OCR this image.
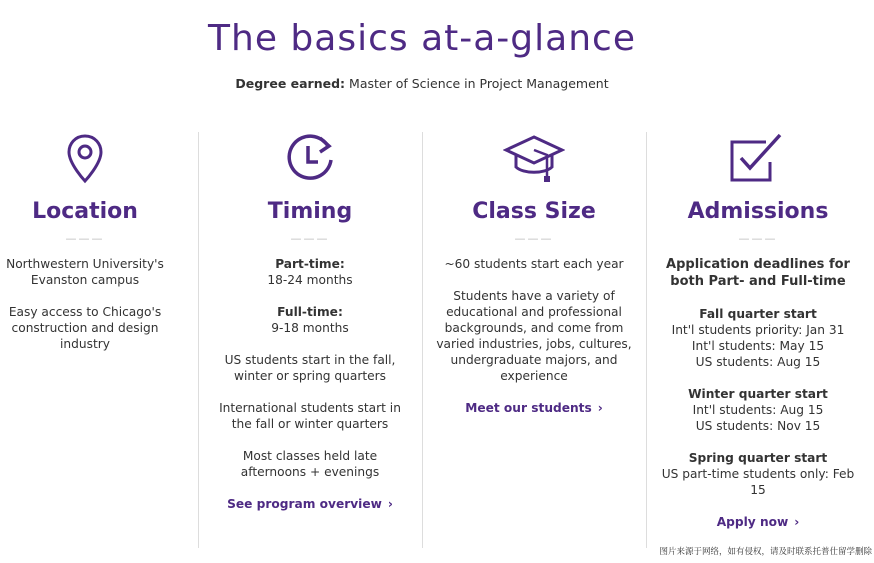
The basics at-a-glance
Degree earned: Master of Science in Project Management
Location
———

Northwestern University's Evanston campus

Easy access to Chicago's construction and design industry

Timing
———

Part-time:
18-24 months

Full-time:
9-18 months

US students start in the fall, winter or spring quarters

International students start in the fall or winter quarters

Most classes held late afternoons + evenings

See program overview ›
Class Size
———

~60 students start each year

Students have a variety of educational and professional backgrounds, and come from varied industries, jobs, cultures, undergraduate majors, and experience

Meet our students ›
Admissions
———

Application deadlines for both Part- and Full-time

Fall quarter start
Int'l students priority: Jan 31
Int'l students: May 15
US students: Aug 15

Winter quarter start
Int'l students: Aug 15
US students: Nov 15

Spring quarter start
US part-time students only: Feb 15

Apply now ›
图片来源于网络，如有侵权，请及时联系托普仕留学删除
